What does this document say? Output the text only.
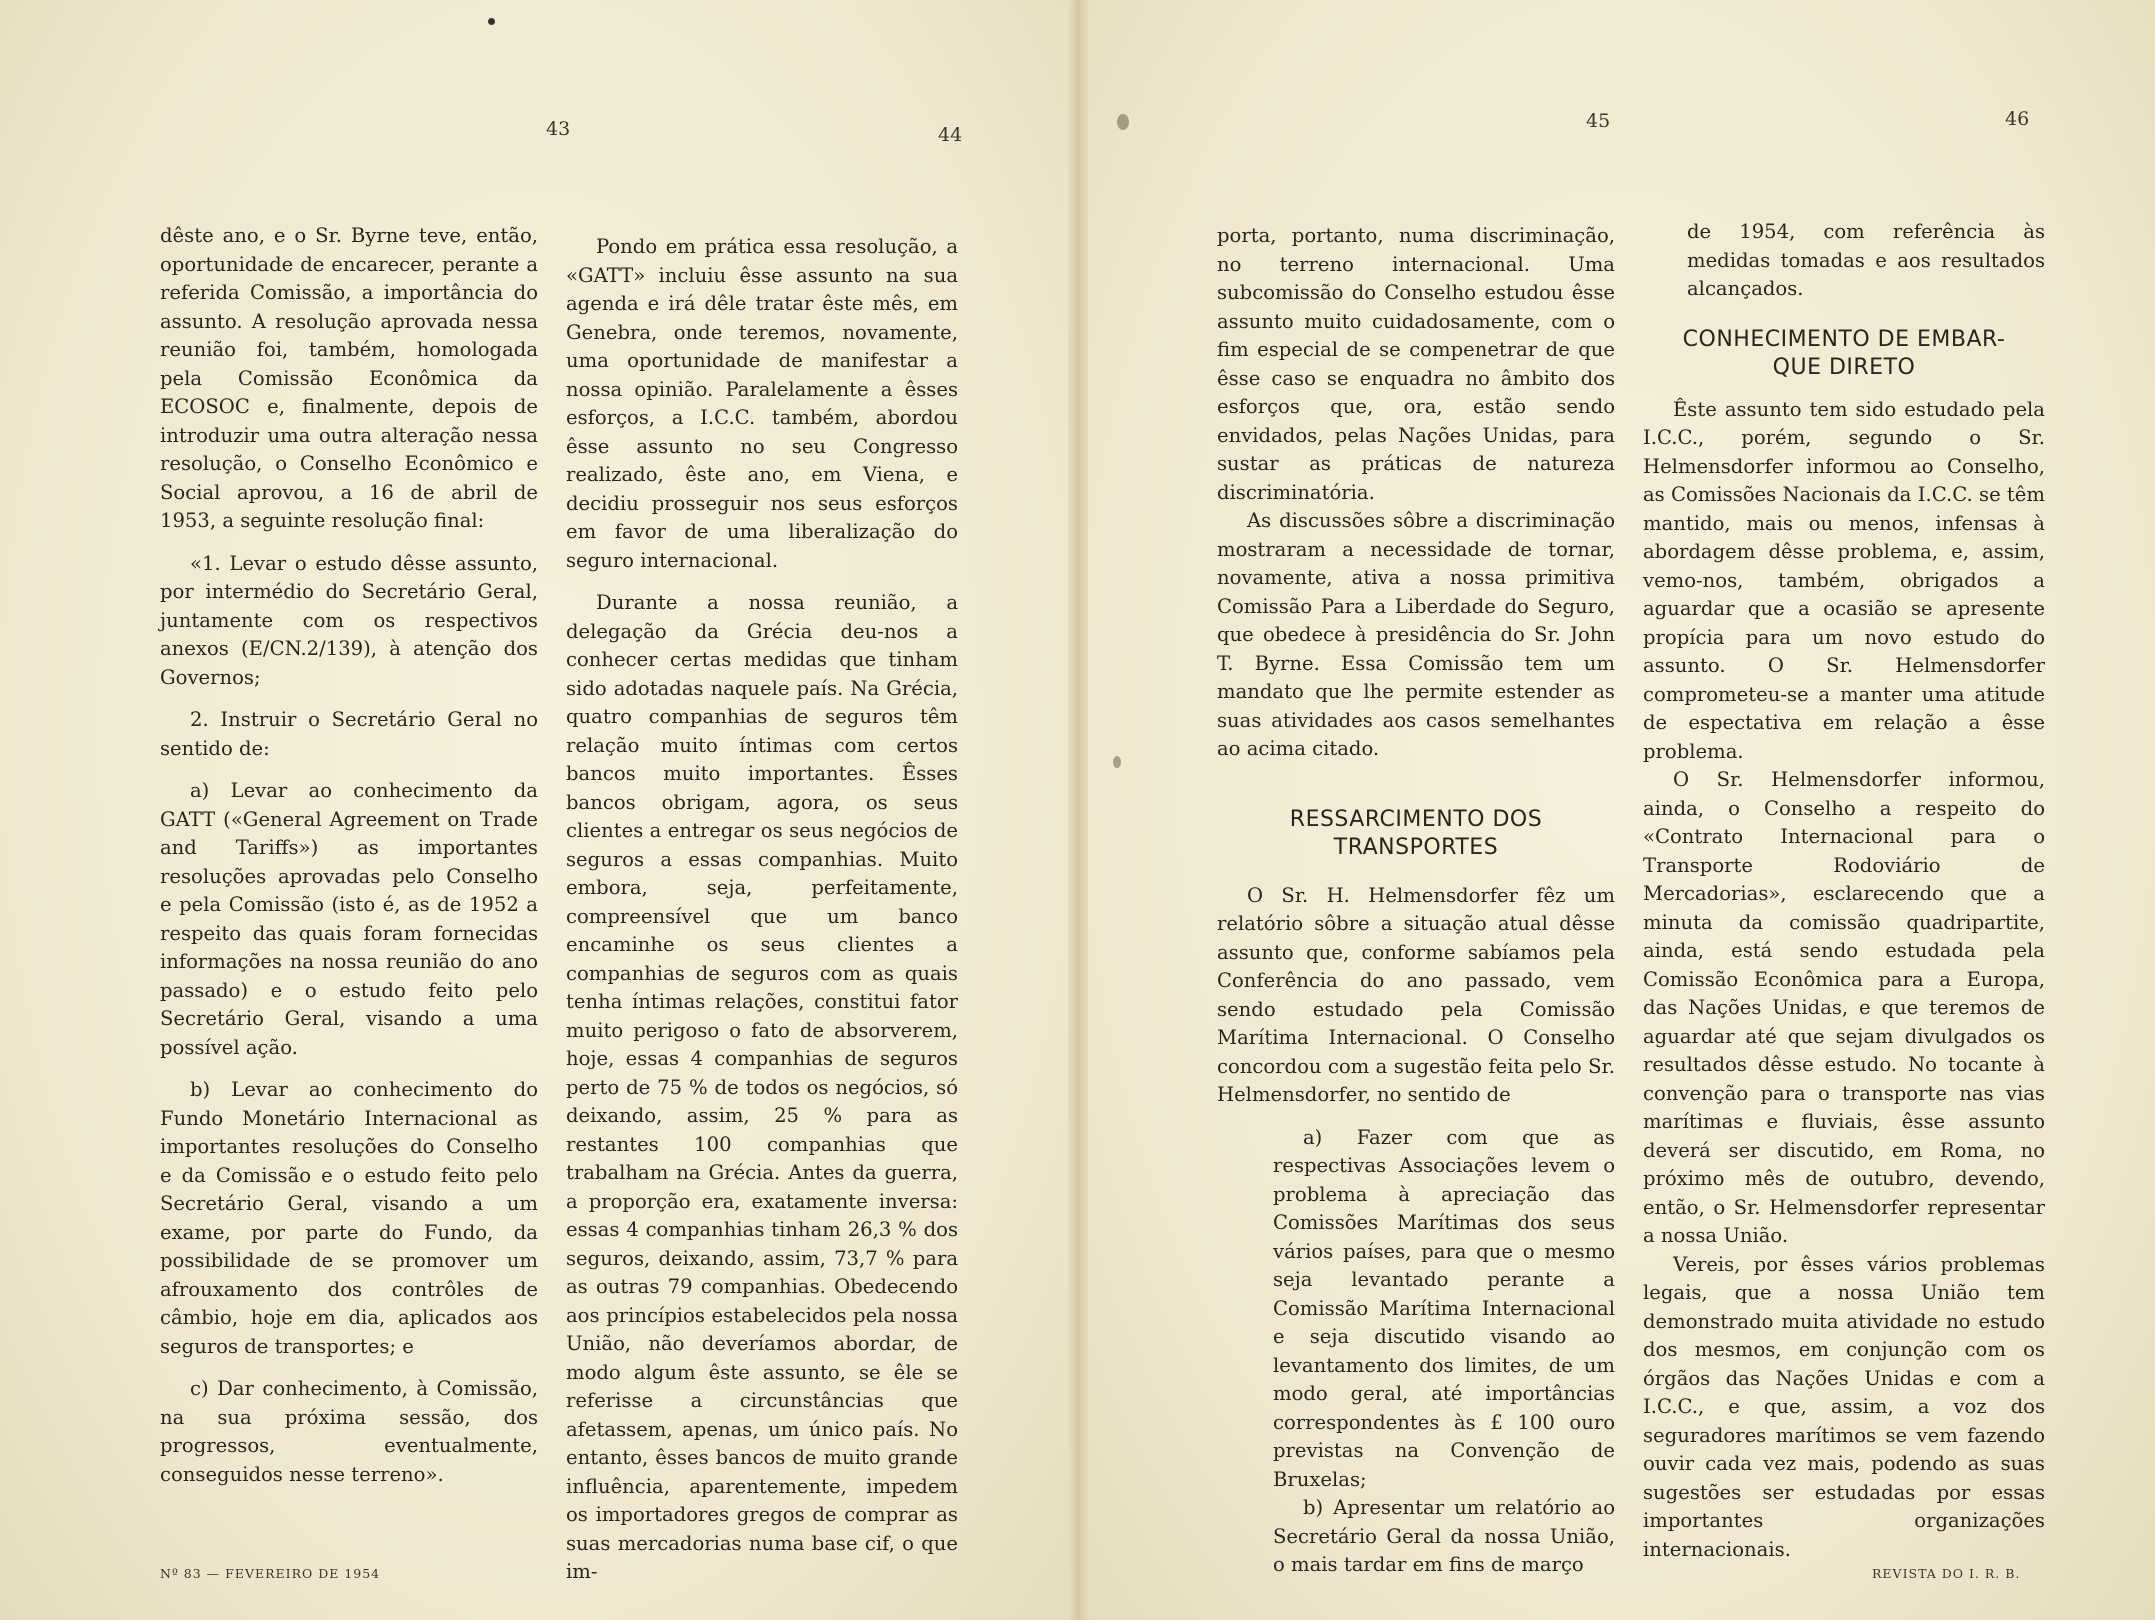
43	44
45	46

dêste ano, e o Sr. Byrne teve, então, oportunidade de encarecer, perante a referida Comissão, a importância do assunto. A resolução aprovada nessa reunião foi, também, homologada pela Comissão Econômica da ECOSOC e, finalmente, depois de introduzir uma outra alteração nessa resolução, o Conselho Econômico e Social aprovou, a 16 de abril de 1953, a seguinte resolução final:

«1. Levar o estudo dêsse assunto, por intermédio do Secretário Geral, juntamente com os respectivos anexos (E/CN.2/139), à atenção dos Governos;

2. Instruir o Secretário Geral no sentido de:

a) Levar ao conhecimento da GATT («General Agreement on Trade and Tariffs») as importantes resoluções aprovadas pelo Conselho e pela Comissão (isto é, as de 1952 a respeito das quais foram fornecidas informações na nossa reunião do ano passado) e o estudo feito pelo Secretário Geral, visando a uma possível ação.

b) Levar ao conhecimento do Fundo Monetário Internacional as importantes resoluções do Conselho e da Comissão e o estudo feito pelo Secretário Geral, visando a um exame, por parte do Fundo, da possibilidade de se promover um afrouxamento dos contrôles de câmbio, hoje em dia, aplicados aos seguros de transportes; e

c) Dar conhecimento, à Comissão, na sua próxima sessão, dos progressos, eventualmente, conseguidos nesse terreno».

Pondo em prática essa resolução, a «GATT» incluiu êsse assunto na sua agenda e irá dêle tratar êste mês, em Genebra, onde teremos, novamente, uma oportunidade de manifestar a nossa opinião. Paralelamente a êsses esforços, a I.C.C. também, abordou êsse assunto no seu Congresso realizado, êste ano, em Viena, e decidiu prosseguir nos seus esforços em favor de uma liberalização do seguro internacional.

Durante a nossa reunião, a delegação da Grécia deu-nos a conhecer certas medidas que tinham sido adotadas naquele país. Na Grécia, quatro companhias de seguros têm relação muito íntimas com certos bancos muito importantes. Êsses bancos obrigam, agora, os seus clientes a entregar os seus negócios de seguros a essas companhias. Muito embora, seja, perfeitamente, compreensível que um banco encaminhe os seus clientes a companhias de seguros com as quais tenha íntimas relações, constitui fator muito perigoso o fato de absorverem, hoje, essas 4 companhias de seguros perto de 75 % de todos os negócios, só deixando, assim, 25 % para as restantes 100 companhias que trabalham na Grécia. Antes da guerra, a proporção era, exatamente inversa: essas 4 companhias tinham 26,3 % dos seguros, deixando, assim, 73,7 % para as outras 79 companhias. Obedecendo aos princípios estabelecidos pela nossa União, não deveríamos abordar, de modo algum êste assunto, se êle se referisse a circunstâncias que afetassem, apenas, um único país. No entanto, êsses bancos de muito grande influência, aparentemente, impedem os importadores gregos de comprar as suas mercadorias numa base cif, o que im-

porta, portanto, numa discriminação, no terreno internacional. Uma subcomissão do Conselho estudou êsse assunto muito cuidadosamente, com o fim especial de se compenetrar de que êsse caso se enquadra no âmbito dos esforços que, ora, estão sendo envidados, pelas Nações Unidas, para sustar as práticas de natureza discriminatória.

As discussões sôbre a discriminação mostraram a necessidade de tornar, novamente, ativa a nossa primitiva Comissão Para a Liberdade do Seguro, que obedece à presidência do Sr. John T. Byrne. Essa Comissão tem um mandato que lhe permite estender as suas atividades aos casos semelhantes ao acima citado.

RESSARCIMENTO DOS
TRANSPORTES

O Sr. H. Helmensdorfer fêz um relatório sôbre a situação atual dêsse assunto que, conforme sabíamos pela Conferência do ano passado, vem sendo estudado pela Comissão Marítima Internacional. O Conselho concordou com a sugestão feita pelo Sr. Helmensdorfer, no sentido de

a) Fazer com que as respectivas Associações levem o problema à apreciação das Comissões Marítimas dos seus vários países, para que o mesmo seja levantado perante a Comissão Marítima Internacional e seja discutido visando ao levantamento dos limites, de um modo geral, até importâncias correspondentes às £ 100 ouro previstas na Convenção de Bruxelas;

b) Apresentar um relatório ao Secretário Geral da nossa União, o mais tardar em fins de março

de 1954, com referência às medidas tomadas e aos resultados alcançados.

CONHECIMENTO DE EMBAR-
QUE DIRETO

Êste assunto tem sido estudado pela I.C.C., porém, segundo o Sr. Helmensdorfer informou ao Conselho, as Comissões Nacionais da I.C.C. se têm mantido, mais ou menos, infensas à abordagem dêsse problema, e, assim, vemo-nos, também, obrigados a aguardar que a ocasião se apresente propícia para um novo estudo do assunto. O Sr. Helmensdorfer comprometeu-se a manter uma atitude de espectativa em relação a êsse problema.

O Sr. Helmensdorfer informou, ainda, o Conselho a respeito do «Contrato Internacional para o Transporte Rodoviário de Mercadorias», esclarecendo que a minuta da comissão quadripartite, ainda, está sendo estudada pela Comissão Econômica para a Europa, das Nações Unidas, e que teremos de aguardar até que sejam divulgados os resultados dêsse estudo. No tocante à convenção para o transporte nas vias marítimas e fluviais, êsse assunto deverá ser discutido, em Roma, no próximo mês de outubro, devendo, então, o Sr. Helmensdorfer representar a nossa União.

Vereis, por êsses vários problemas legais, que a nossa União tem demonstrado muita atividade no estudo dos mesmos, em conjunção com os órgãos das Nações Unidas e com a I.C.C., e que, assim, a voz dos seguradores marítimos se vem fazendo ouvir cada vez mais, podendo as suas sugestões ser estudadas por essas importantes organizações internacionais.

Nº 83 — FEVEREIRO DE 1954	REVISTA DO I. R. B.
